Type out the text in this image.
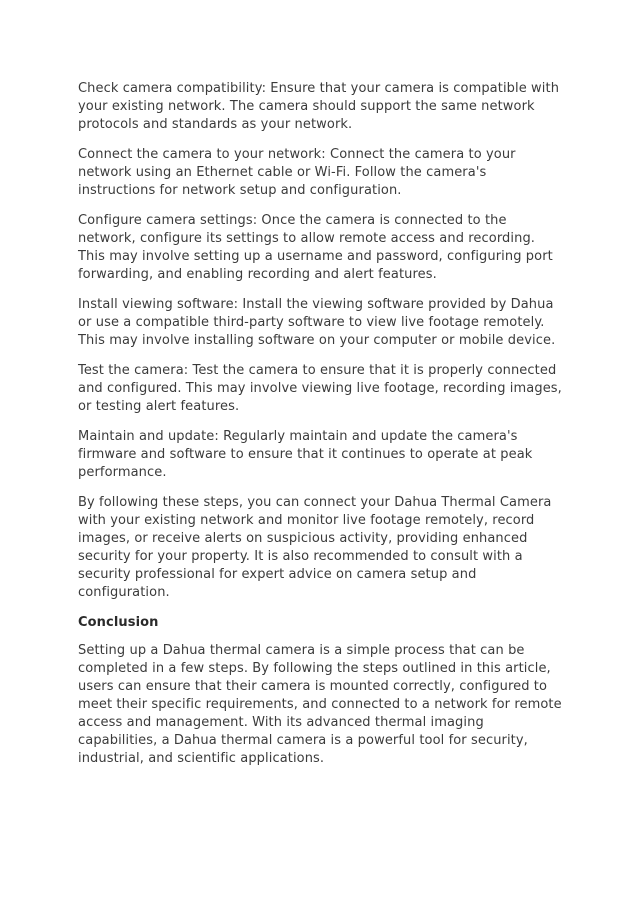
Check camera compatibility: Ensure that your camera is compatible with your existing network. The camera should support the same network protocols and standards as your network.

Connect the camera to your network: Connect the camera to your network using an Ethernet cable or Wi-Fi. Follow the camera's instructions for network setup and configuration.

Configure camera settings: Once the camera is connected to the network, configure its settings to allow remote access and recording. This may involve setting up a username and password, configuring port forwarding, and enabling recording and alert features.

Install viewing software: Install the viewing software provided by Dahua or use a compatible third-party software to view live footage remotely. This may involve installing software on your computer or mobile device.

Test the camera: Test the camera to ensure that it is properly connected and configured. This may involve viewing live footage, recording images, or testing alert features.

Maintain and update: Regularly maintain and update the camera's firmware and software to ensure that it continues to operate at peak performance.

By following these steps, you can connect your Dahua Thermal Camera with your existing network and monitor live footage remotely, record images, or receive alerts on suspicious activity, providing enhanced security for your property. It is also recommended to consult with a security professional for expert advice on camera setup and configuration.

Conclusion

Setting up a Dahua thermal camera is a simple process that can be completed in a few steps. By following the steps outlined in this article, users can ensure that their camera is mounted correctly, configured to meet their specific requirements, and connected to a network for remote access and management. With its advanced thermal imaging capabilities, a Dahua thermal camera is a powerful tool for security, industrial, and scientific applications.
